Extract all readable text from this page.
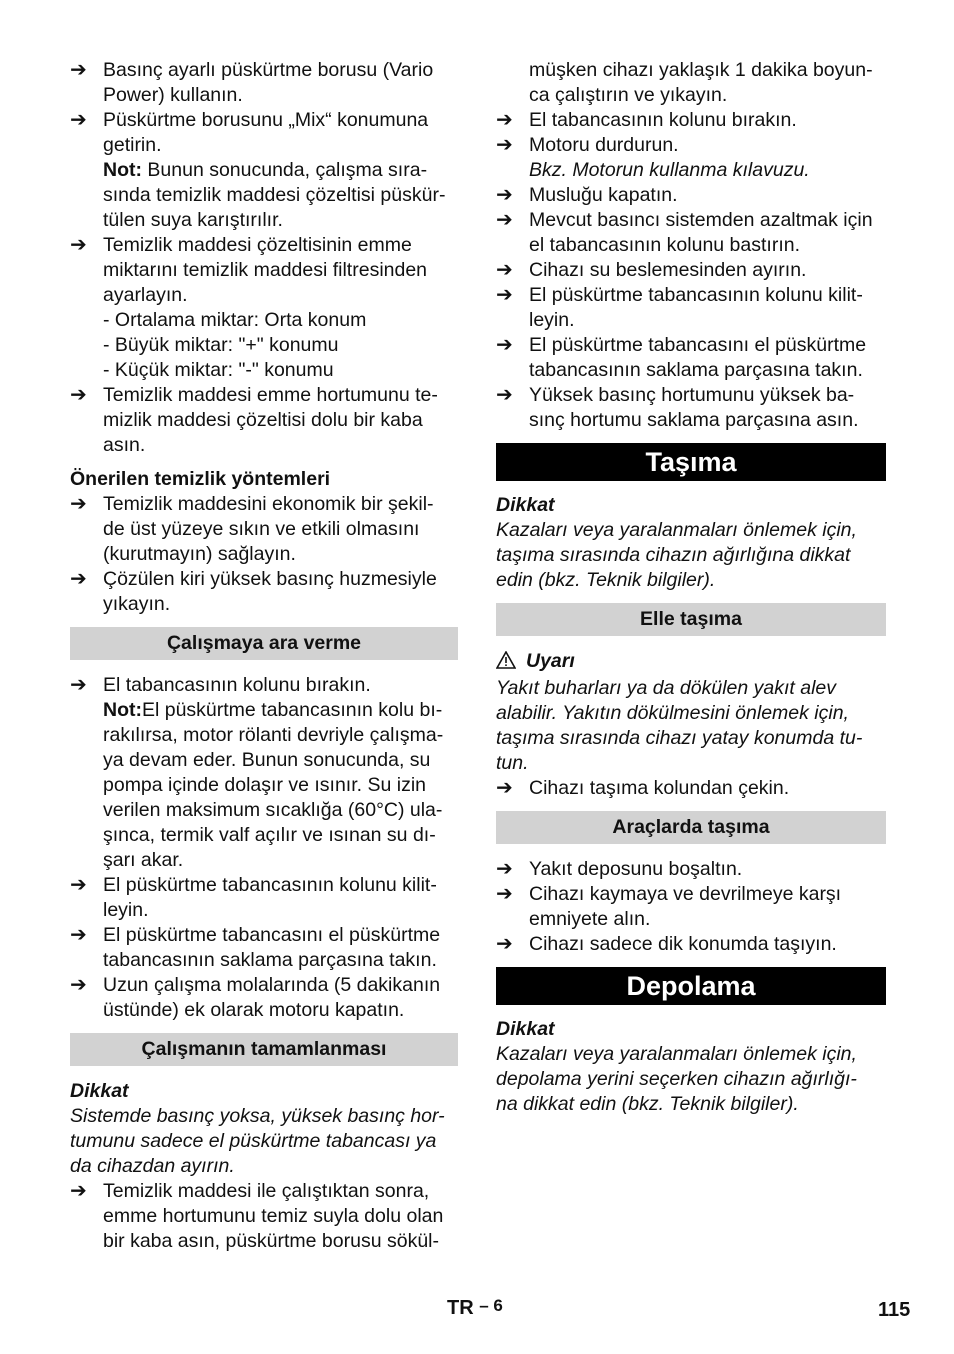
➔ Basınç ayarlı püskürtme borusu (Vario
Power) kullanın.
➔ Püskürtme borusunu „Mix“ konumuna
getirin.
Not: Bunun sonucunda, çalışma sıra-
sında temizlik maddesi çözeltisi püskür-
tülen suya karıştırılır.
➔ Temizlik maddesi çözeltisinin emme
miktarını temizlik maddesi filtresinden
ayarlayın.
- Ortalama miktar: Orta konum
- Büyük miktar: "+" konumu
- Küçük miktar: "-" konumu
➔ Temizlik maddesi emme hortumunu te-
mizlik maddesi çözeltisi dolu bir kaba
asın.
Önerilen temizlik yöntemleri
➔ Temizlik maddesini ekonomik bir şekil-
de üst yüzeye sıkın ve etkili olmasını
(kurutmayın) sağlayın.
➔ Çözülen kiri yüksek basınç huzmesiyle
yıkayın.
Çalışmaya ara verme
➔ El tabancasının kolunu bırakın.
Not:El püskürtme tabancasının kolu bı-
rakılırsa, motor rölanti devriyle çalışma-
ya devam eder. Bunun sonucunda, su
pompa içinde dolaşır ve ısınır. Su izin
verilen maksimum sıcaklığa (60°C) ula-
şınca, termik valf açılır ve ısınan su dı-
şarı akar.
➔ El püskürtme tabancasının kolunu kilit-
leyin.
➔ El püskürtme tabancasını el püskürtme
tabancasının saklama parçasına takın.
➔ Uzun çalışma molalarında (5 dakikanın
üstünde) ek olarak motoru kapatın.
Çalışmanın tamamlanması
Dikkat
Sistemde basınç yoksa, yüksek basınç hor-
tumunu sadece el püskürtme tabancası ya
da cihazdan ayırın.
➔ Temizlik maddesi ile çalıştıktan sonra,
emme hortumunu temiz suyla dolu olan
bir kaba asın, püskürtme borusu sökül-
müşken cihazı yaklaşık 1 dakika boyun-
ca çalıştırın ve yıkayın.
➔ El tabancasının kolunu bırakın.
➔ Motoru durdurun.
Bkz. Motorun kullanma kılavuzu.
➔ Musluğu kapatın.
➔ Mevcut basıncı sistemden azaltmak için
el tabancasının kolunu bastırın.
➔ Cihazı su beslemesinden ayırın.
➔ El püskürtme tabancasının kolunu kilit-
leyin.
➔ El püskürtme tabancasını el püskürtme
tabancasının saklama parçasına takın.
➔ Yüksek basınç hortumunu yüksek ba-
sınç hortumu saklama parçasına asın.
Taşıma
Dikkat
Kazaları veya yaralanmaları önlemek için,
taşıma sırasında cihazın ağırlığına dikkat
edin (bkz. Teknik bilgiler).
Elle taşıma
Uyarı
Yakıt buharları ya da dökülen yakıt alev
alabilir. Yakıtın dökülmesini önlemek için,
taşıma sırasında cihazı yatay konumda tu-
tun.
➔ Cihazı taşıma kolundan çekin.
Araçlarda taşıma
➔ Yakıt deposunu boşaltın.
➔ Cihazı kaymaya ve devrilmeye karşı
emniyete alın.
➔ Cihazı sadece dik konumda taşıyın.
Depolama
Dikkat
Kazaları veya yaralanmaları önlemek için,
depolama yerini seçerken cihazın ağırlığı-
na dikkat edin (bkz. Teknik bilgiler).
TR – 6	115
